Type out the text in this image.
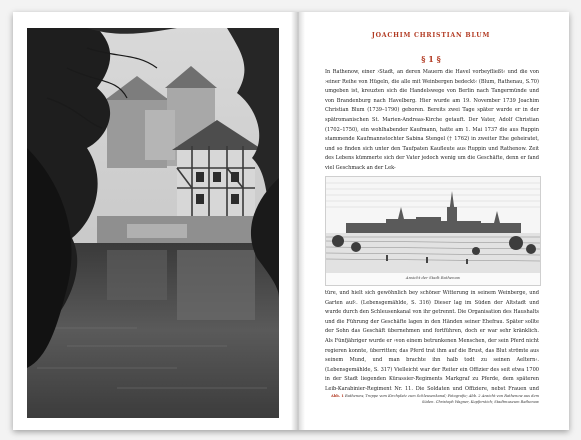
JOACHIM CHRISTIAN BLUM
§ 1 §

In Rathenow, einer ›Stadt, an deren Mauern die Havel vorbeyfließt‹ und die von ›einer Reihe von Hügeln, die alle mit Weinbergen bedeckt‹ (Blum, Rathenau, S.70) umgeben ist, kreuzten sich die Handelswege von Berlin nach Tangermünde und von Brandenburg nach Havelberg. Hier wurde am 19. November 1739 Joachim Christian Blum (1739–1790) geboren. Bereits zwei Tage später wurde er in der spätromanischen St. Marien-Andreas-Kirche getauft. Der Vater, Adolf Christian (1702–1750), ein wohlhabender Kaufmann, hatte am 1. Mai 1737 die aus Ruppin stammende Kaufmannstochter Sabina Stengel († 1762) in zweiter Ehe geheiratet, und so finden sich unter den Taufpaten Kaufleute aus Ruppin und Rathenow. Zeit des Lebens kümmerte sich der Vater jedoch wenig um die Geschäfte, denn er fand viel Geschmack an der Lek-

Ansicht der Stadt Rathenow

türe, und hielt sich gewöhnlich bey schöner Witterung in seinem Weinberge, und Garten auf‹. (Lebensgemählde, S. 316) Dieser lag im Süden der Altstadt und wurde durch den Schleusenkanal von ihr getrennt. Die Organisation des Haushalts und die Führung der Geschäfte lagen in den Händen seiner Ehefrau. Später sollte der Sohn das Geschäft übernehmen und fortführen, doch er war sehr kränklich. Als Fünfjähriger wurde er ›von einem betrunkenen Menschen, der sein Pferd nicht regieren konnte, überritten; das Pferd trat ihm auf die Brust, das Blut strömte aus seinem Mund, und man brachte ihn halb todt zu seinen Aeltern‹. (Lebensgemählde, S. 317) Vielleicht war der Reiter ein Offizier des seit etwa 1700 in der Stadt liegenden Kürassier-Regiments Markgraf zu Pferde, dem späteren Leib-Karabinier-Regiment Nr. 11. Die Soldaten und Offiziere, nebst Frauen und

Abb. 1 Rathenow, Treppe vom Kirchplatz zum Schleusenkanal; Fotografie; Abb. 2 Ansicht von Rathenow aus dem Süden. Christoph Wagner, Kupferstich; Stadtmuseum Rathenow
